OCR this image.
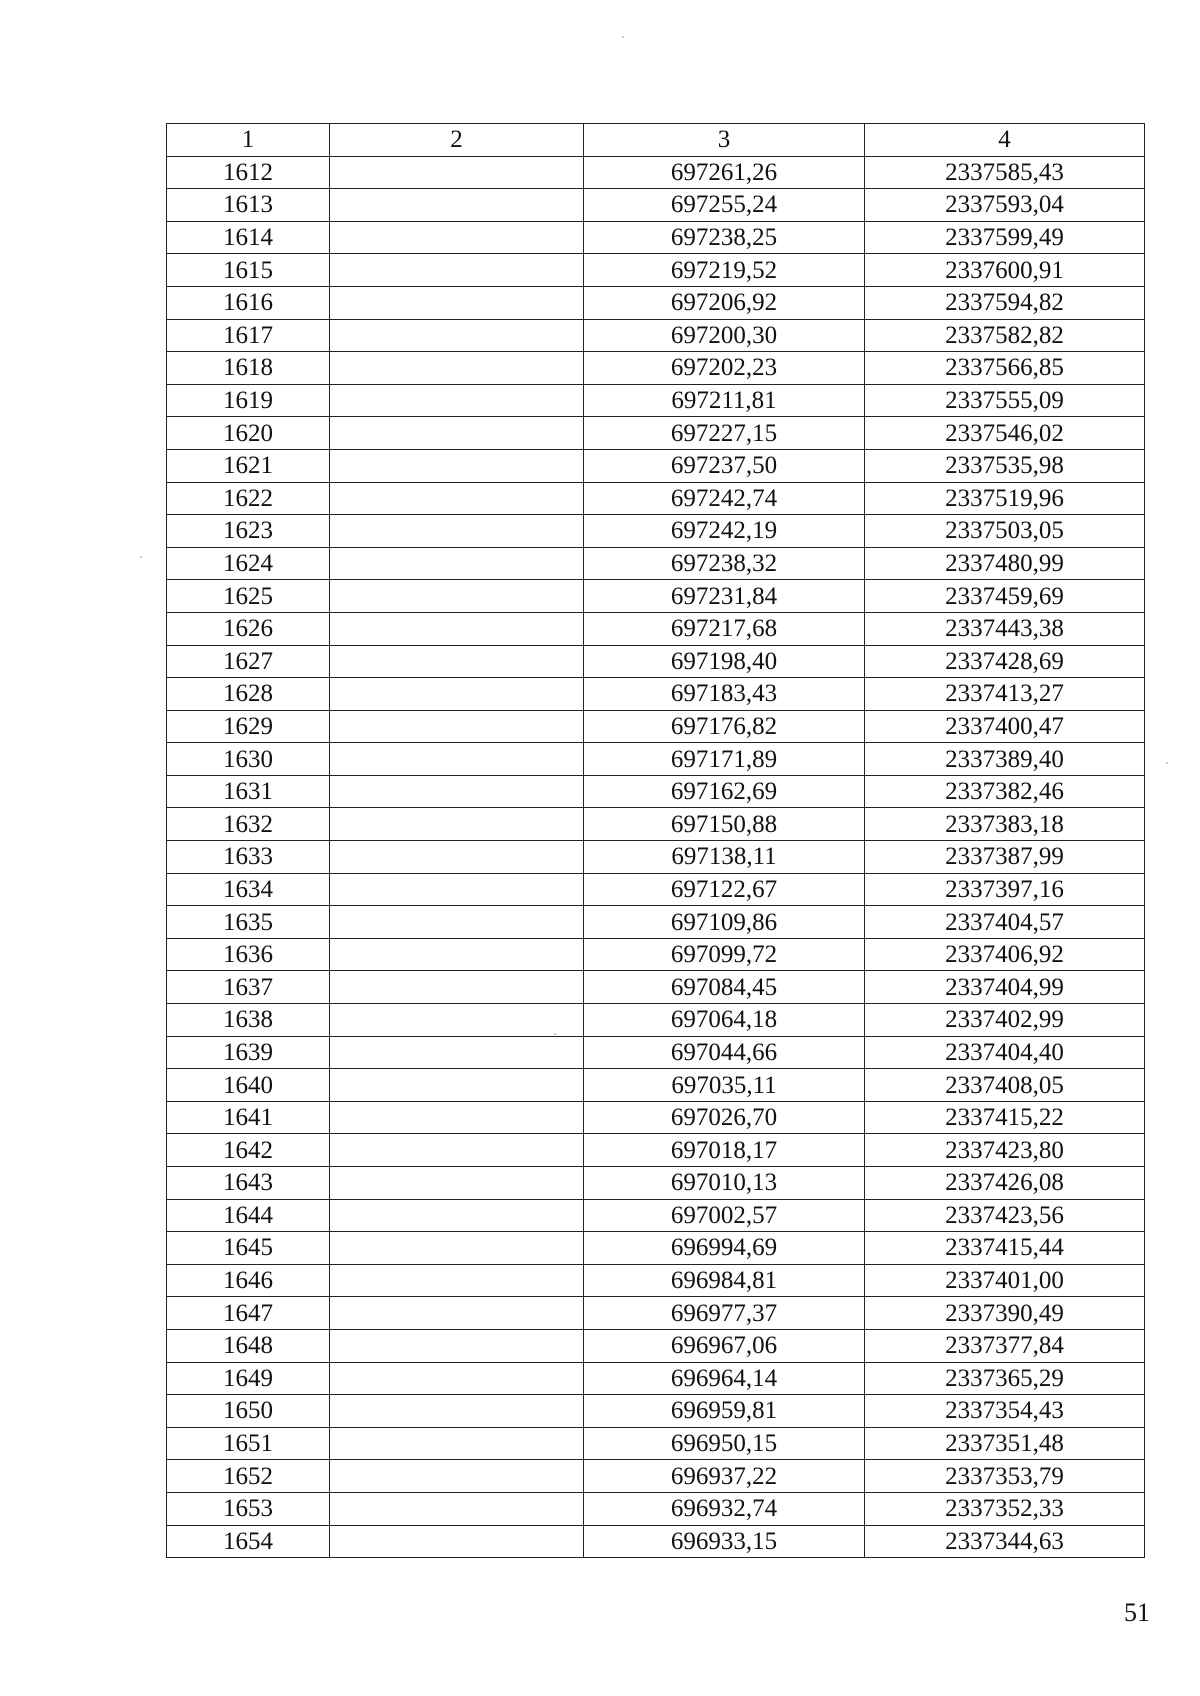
1	2	3	4
1612		697261,26	2337585,43
1613		697255,24	2337593,04
1614		697238,25	2337599,49
1615		697219,52	2337600,91
1616		697206,92	2337594,82
1617		697200,30	2337582,82
1618		697202,23	2337566,85
1619		697211,81	2337555,09
1620		697227,15	2337546,02
1621		697237,50	2337535,98
1622		697242,74	2337519,96
1623		697242,19	2337503,05
1624		697238,32	2337480,99
1625		697231,84	2337459,69
1626		697217,68	2337443,38
1627		697198,40	2337428,69
1628		697183,43	2337413,27
1629		697176,82	2337400,47
1630		697171,89	2337389,40
1631		697162,69	2337382,46
1632		697150,88	2337383,18
1633		697138,11	2337387,99
1634		697122,67	2337397,16
1635		697109,86	2337404,57
1636		697099,72	2337406,92
1637		697084,45	2337404,99
1638		697064,18	2337402,99
1639		697044,66	2337404,40
1640		697035,11	2337408,05
1641		697026,70	2337415,22
1642		697018,17	2337423,80
1643		697010,13	2337426,08
1644		697002,57	2337423,56
1645		696994,69	2337415,44
1646		696984,81	2337401,00
1647		696977,37	2337390,49
1648		696967,06	2337377,84
1649		696964,14	2337365,29
1650		696959,81	2337354,43
1651		696950,15	2337351,48
1652		696937,22	2337353,79
1653		696932,74	2337352,33
1654		696933,15	2337344,63
51
